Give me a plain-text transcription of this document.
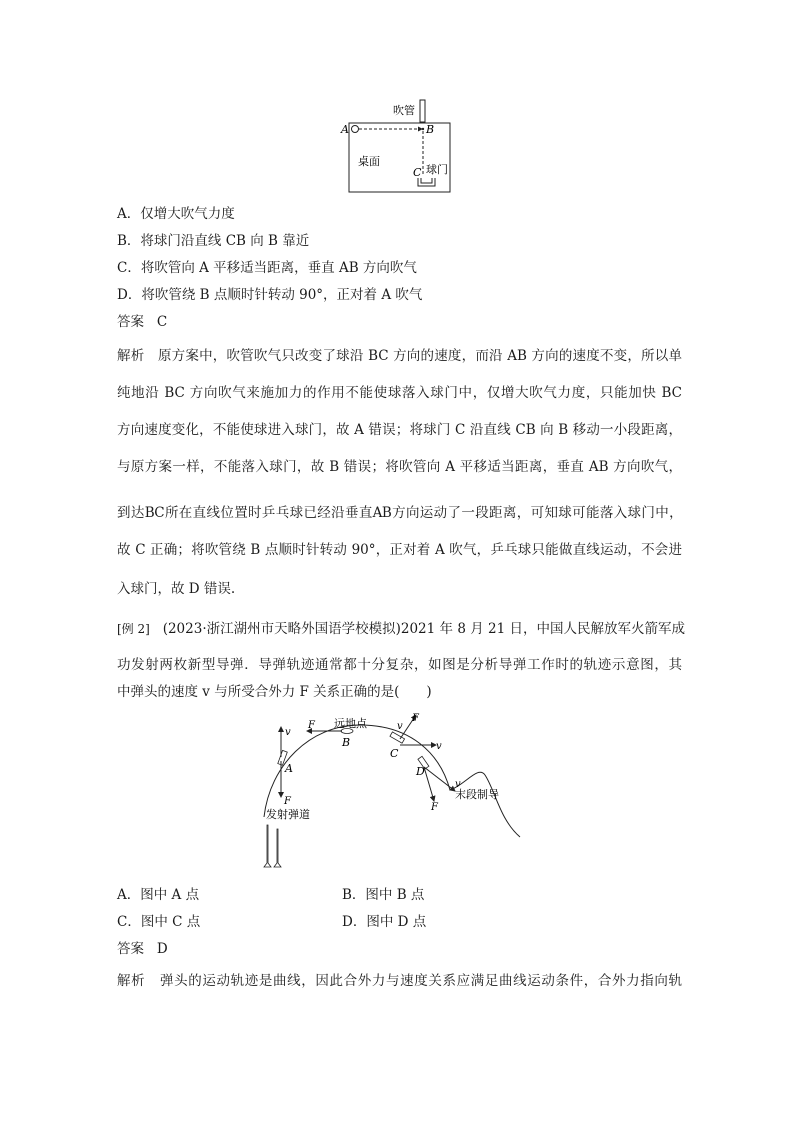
吹管
A	B
桌面
C 球门
A．仅增大吹气力度
B．将球门沿直线 CB 向 B 靠近
C．将吹管向 A 平移适当距离，垂直 AB 方向吹气
D．将吹管绕 B 点顺时针转动 90°，正对着 A 吹气
答案 C
解析 原方案中，吹管吹气只改变了球沿 BC 方向的速度，而沿 AB 方向的速度不变，所以单
纯地沿 BC 方向吹气来施加力的作用不能使球落入球门中，仅增大吹气力度，只能加快 BC
方向速度变化，不能使球进入球门，故 A 错误；将球门 C 沿直线 CB 向 B 移动一小段距离，
与原方案一样，不能落入球门，故 B 错误；将吹管向 A 平移适当距离，垂直 AB 方向吹气，
到达BC所在直线位置时乒乓球已经沿垂直AB方向运动了一段距离，可知球可能落入球门中，
故 C 正确；将吹管绕 B 点顺时针转动 90°，正对着 A 吹气，乒乓球只能做直线运动，不会进
入球门，故 D 错误.
[例 2] (2023·浙江湖州市天略外国语学校模拟)2021 年 8 月 21 日，中国人民解放军火箭军成
功发射两枚新型导弹．导弹轨迹通常都十分复杂，如图是分析导弹工作时的轨迹示意图，其
中弹头的速度 v 与所受合外力 F 关系正确的是(　　)
v
A
F
发射弹道
F 远地点
B
F
v
v
C
D
F
v
末段制导
A．图中 A 点	B．图中 B 点
C．图中 C 点	D．图中 D 点
答案 D
解析 弹头的运动轨迹是曲线，因此合外力与速度关系应满足曲线运动条件，合外力指向轨
